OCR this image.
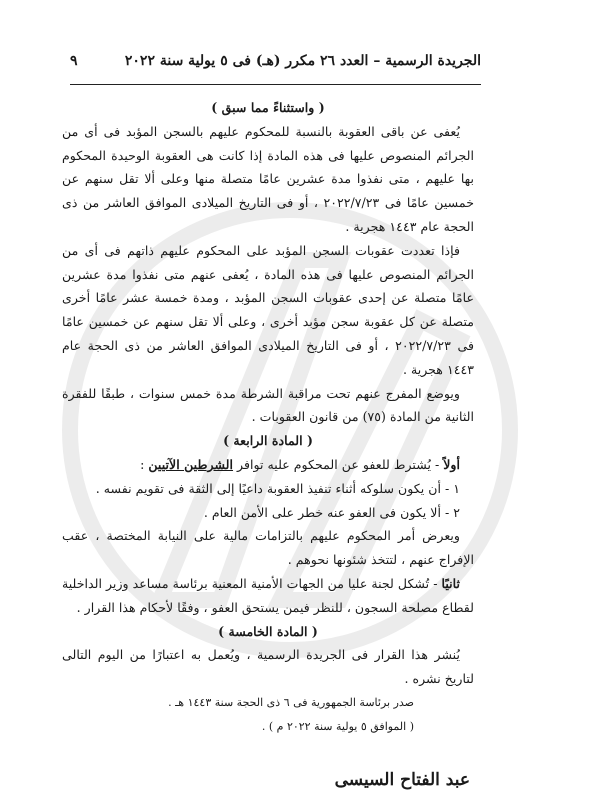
الجريدة الرسمية – العدد ٢٦ مكرر (هـ) فى ٥ يولية سنة ٢٠٢٢
٩

( واستثناءً مما سبق )

يُعفى عن باقى العقوبة بالنسبة للمحكوم عليهم بالسجن المؤبد فى أى من الجرائم المنصوص عليها فى هذه المادة إذا كانت هى العقوبة الوحيدة المحكوم بها عليهم ، متى نفذوا مدة عشرين عامًا متصلة منها وعلى ألا تقل سنهم عن خمسين عامًا فى ٢٠٢٢/٧/٢٣ ، أو فى التاريخ الميلادى الموافق العاشر من ذى الحجة عام ١٤٤٣ هجرية .

فإذا تعددت عقوبات السجن المؤبد على المحكوم عليهم ذاتهم فى أى من الجرائم المنصوص عليها فى هذه المادة ، يُعفى عنهم متى نفذوا مدة عشرين عامًا متصلة عن إحدى عقوبات السجن المؤبد ، ومدة خمسة عشر عامًا أخرى متصلة عن كل عقوبة سجن مؤبد أخرى ، وعلى ألا تقل سنهم عن خمسين عامًا فى ٢٠٢٢/٧/٢٣ ، أو فى التاريخ الميلادى الموافق العاشر من ذى الحجة عام ١٤٤٣ هجرية .

ويوضع المفرج عنهم تحت مراقبة الشرطة مدة خمس سنوات ، طبقًا للفقرة الثانية من المادة (٧٥) من قانون العقوبات .

( المادة الرابعة )

أولاً - يُشترط للعفو عن المحكوم عليه توافر الشرطين الآتيين :

١ - أن يكون سلوكه أثناء تنفيذ العقوبة داعيًا إلى الثقة فى تقويم نفسه .

٢ - ألا يكون فى العفو عنه خطر على الأمن العام .

ويعرض أمر المحكوم عليهم بالتزامات مالية على النيابة المختصة ، عقب الإفراج عنهم ، لتتخذ شئونها نحوهم .

ثانيًا - تُشكل لجنة عليا من الجهات الأمنية المعنية برئاسة مساعد وزير الداخلية لقطاع مصلحة السجون ، للنظر فيمن يستحق العفو ، وفقًا لأحكام هذا القرار .

( المادة الخامسة )

يُنشر هذا القرار فى الجريدة الرسمية ، ويُعمل به اعتبارًا من اليوم التالى لتاريخ نشره .

صدر برئاسة الجمهورية فى ٦ ذى الحجة سنة ١٤٤٣ هـ .

( الموافق ٥ يولية سنة ٢٠٢٢ م ) .

عبد الفتاح السيسى
